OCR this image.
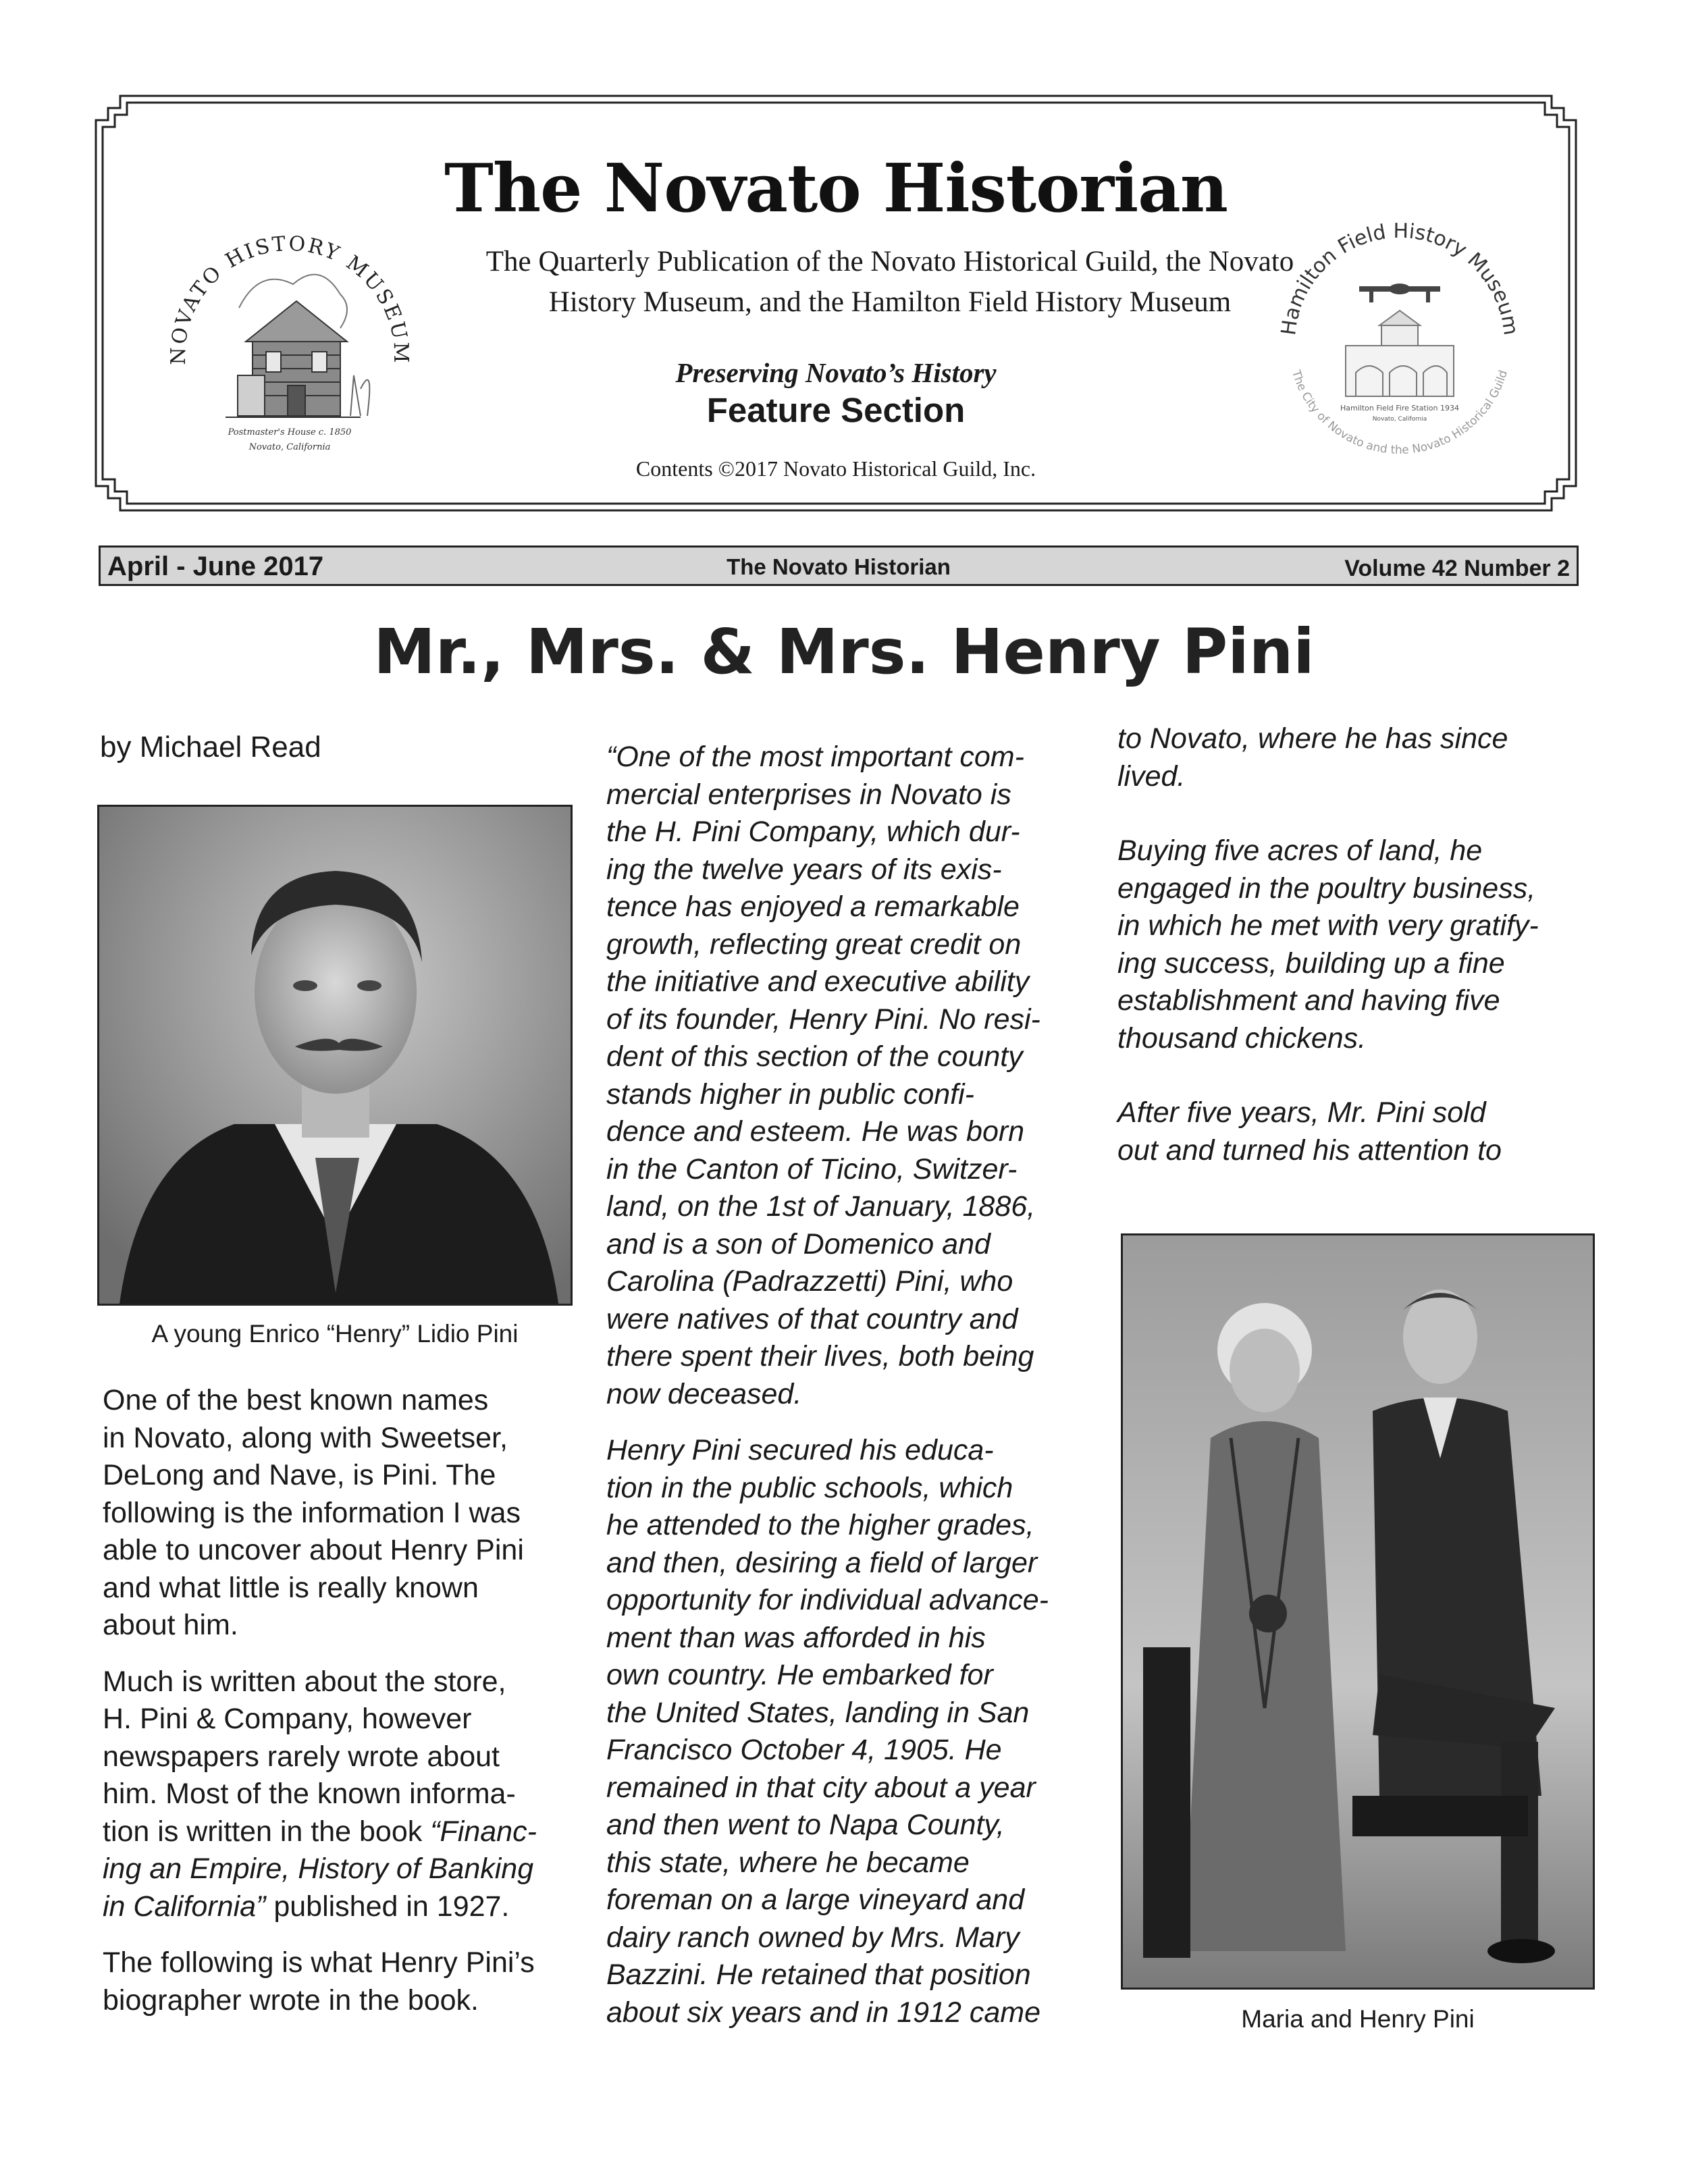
The Novato Historian
The Quarterly Publication of the Novato Historical Guild, the Novato
History Museum, and the Hamilton Field History Museum
Preserving Novato’s History
Feature Section
Contents ©2017 Novato Historical Guild, Inc.
NOVATO HISTORY MUSEUM
Postmaster's House c. 1850
Novato, California
Hamilton Field History Museum
The City of Novato and the Novato Historical Guild
Hamilton Field Fire Station 1934
Novato, California
April - June 2017	The Novato Historian	Volume 42 Number 2
Mr., Mrs. & Mrs. Henry Pini
by Michael Read
A young Enrico “Henry” Lidio Pini

One of the best known names
in Novato, along with Sweetser,
DeLong and Nave, is Pini. The
following is the information I was
able to uncover about Henry Pini
and what little is really known
about him.

Much is written about the store,
H. Pini & Company, however
newspapers rarely wrote about
him. Most of the known informa-
tion is written in the book “Financ-
ing an Empire, History of Banking
in California” published in 1927.

The following is what Henry Pini’s
biographer wrote in the book.

“One of the most important com-
mercial enterprises in Novato is
the H. Pini Company, which dur-
ing the twelve years of its exis-
tence has enjoyed a remarkable
growth, reflecting great credit on
the initiative and executive ability
of its founder, Henry Pini. No resi-
dent of this section of the county
stands higher in public confi-
dence and esteem. He was born
in the Canton of Ticino, Switzer-
land, on the 1st of January, 1886,
and is a son of Domenico and
Carolina (Padrazzetti) Pini, who
were natives of that country and
there spent their lives, both being
now deceased.

Henry Pini secured his educa-
tion in the public schools, which
he attended to the higher grades,
and then, desiring a field of larger
opportunity for individual advance-
ment than was afforded in his
own country. He embarked for
the United States, landing in San
Francisco October 4, 1905. He
remained in that city about a year
and then went to Napa County,
this state, where he became
foreman on a large vineyard and
dairy ranch owned by Mrs. Mary
Bazzini. He retained that position
about six years and in 1912 came

to Novato, where he has since
lived.

Buying five acres of land, he
engaged in the poultry business,
in which he met with very gratify-
ing success, building up a fine
establishment and having five
thousand chickens.

After five years, Mr. Pini sold
out and turned his attention to

Maria and Henry Pini
